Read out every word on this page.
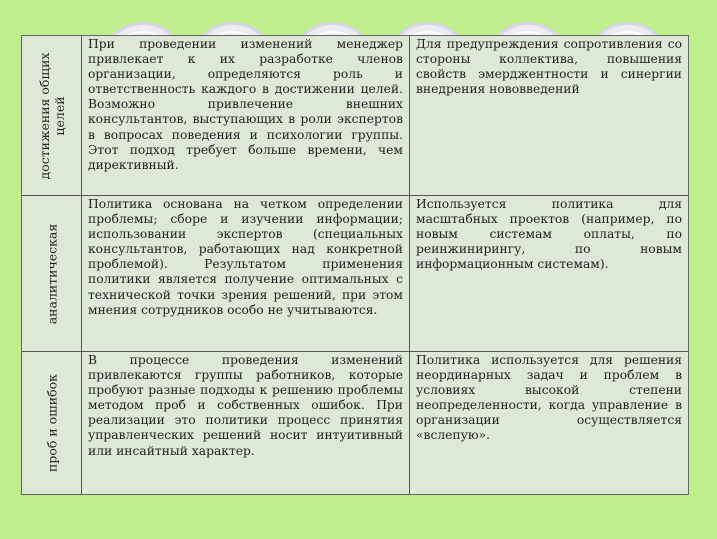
достижения общих целей
При проведении изменений менеджер привлекает к их разработке членов организации, определяются роль и ответственность каждого в достижении целей. Возможно привлечение внешних консультантов, выступающих в роли экспертов в вопросах поведения и психологии группы. Этот подход требует больше времени, чем директивный.
Для предупреждения сопротивления со стороны коллектива, повышения свойств эмерджентности и синергии внедрения нововведений
аналитическая
Политика основана на четком определении проблемы; сборе и изучении информации; использовании экспертов (специальных консультантов, работающих над конкретной проблемой). Результатом применения политики является получение оптимальных с технической точки зрения решений, при этом мнения сотрудников особо не учитываются.
Используется политика для масштабных проектов (например, по новым системам оплаты, по реинжинирингу, по новым информационным системам).
проб и ошибок
В процессе проведения изменений привлекаются группы работников, которые пробуют разные подходы к решению проблемы методом проб и собственных ошибок. При реализации это политики процесс принятия управленческих решений носит интуитивный или инсайтный характер.
Политика используется для решения неординарных задач и проблем в условиях высокой степени неопределенности, когда управление в организации осуществляется «вслепую».
